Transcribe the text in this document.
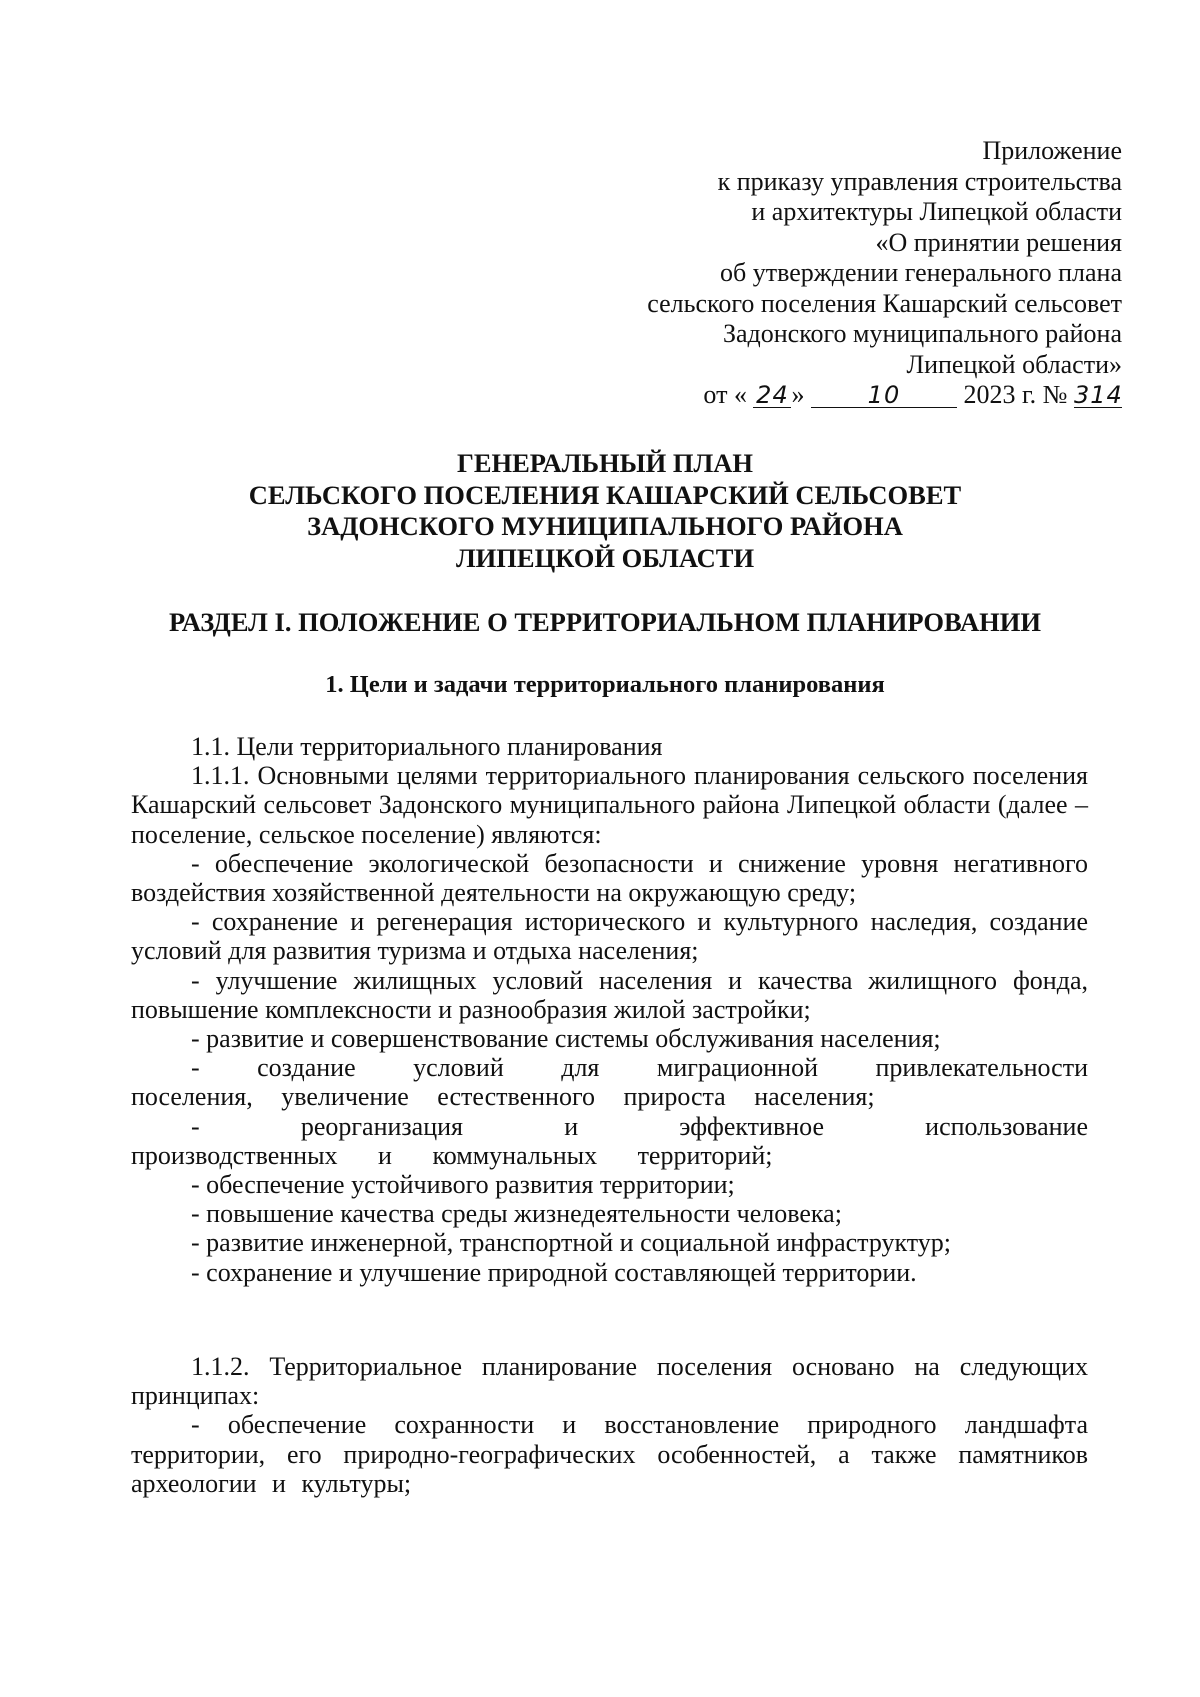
Приложение
к приказу управления строительства
и архитектуры Липецкой области
«О принятии решения
об утверждении генерального плана
сельского поселения Кашарский сельсовет
Задонского муниципального района
Липецкой области»
от « 24 »	10 2023 г. № 314
ГЕНЕРАЛЬНЫЙ ПЛАН
СЕЛЬСКОГО ПОСЕЛЕНИЯ КАШАРСКИЙ СЕЛЬСОВЕТ
ЗАДОНСКОГО МУНИЦИПАЛЬНОГО РАЙОНА
ЛИПЕЦКОЙ ОБЛАСТИ
РАЗДЕЛ I. ПОЛОЖЕНИЕ О ТЕРРИТОРИАЛЬНОМ ПЛАНИРОВАНИИ
1. Цели и задачи территориального планирования

1.1. Цели территориального планирования

1.1.1. Основными целями территориального планирования сельского поселения Кашарский сельсовет Задонского муниципального района Липецкой области (далее – поселение, сельское поселение) являются:

- обеспечение экологической безопасности и снижение уровня негативного воздействия хозяйственной деятельности на окружающую среду;

- сохранение и регенерация исторического и культурного наследия, создание условий для развития туризма и отдыха населения;

- улучшение жилищных условий населения и качества жилищного фонда, повышение комплексности и разнообразия жилой застройки;

- развитие и совершенствование системы обслуживания населения;

- создание условий для миграционной привлекательности поселения, увеличение естественного прироста населения;

- реорганизация и эффективное использование производственных и коммунальных территорий;

- обеспечение устойчивого развития территории;

- повышение качества среды жизнедеятельности человека;

- развитие инженерной, транспортной и социальной инфраструктур;

- сохранение и улучшение природной составляющей территории.

1.1.2. Территориальное планирование поселения основано на следующих принципах:

- обеспечение сохранности и восстановление природного ландшафта территории, его природно-географических особенностей, а также памятников археологии и культуры;
